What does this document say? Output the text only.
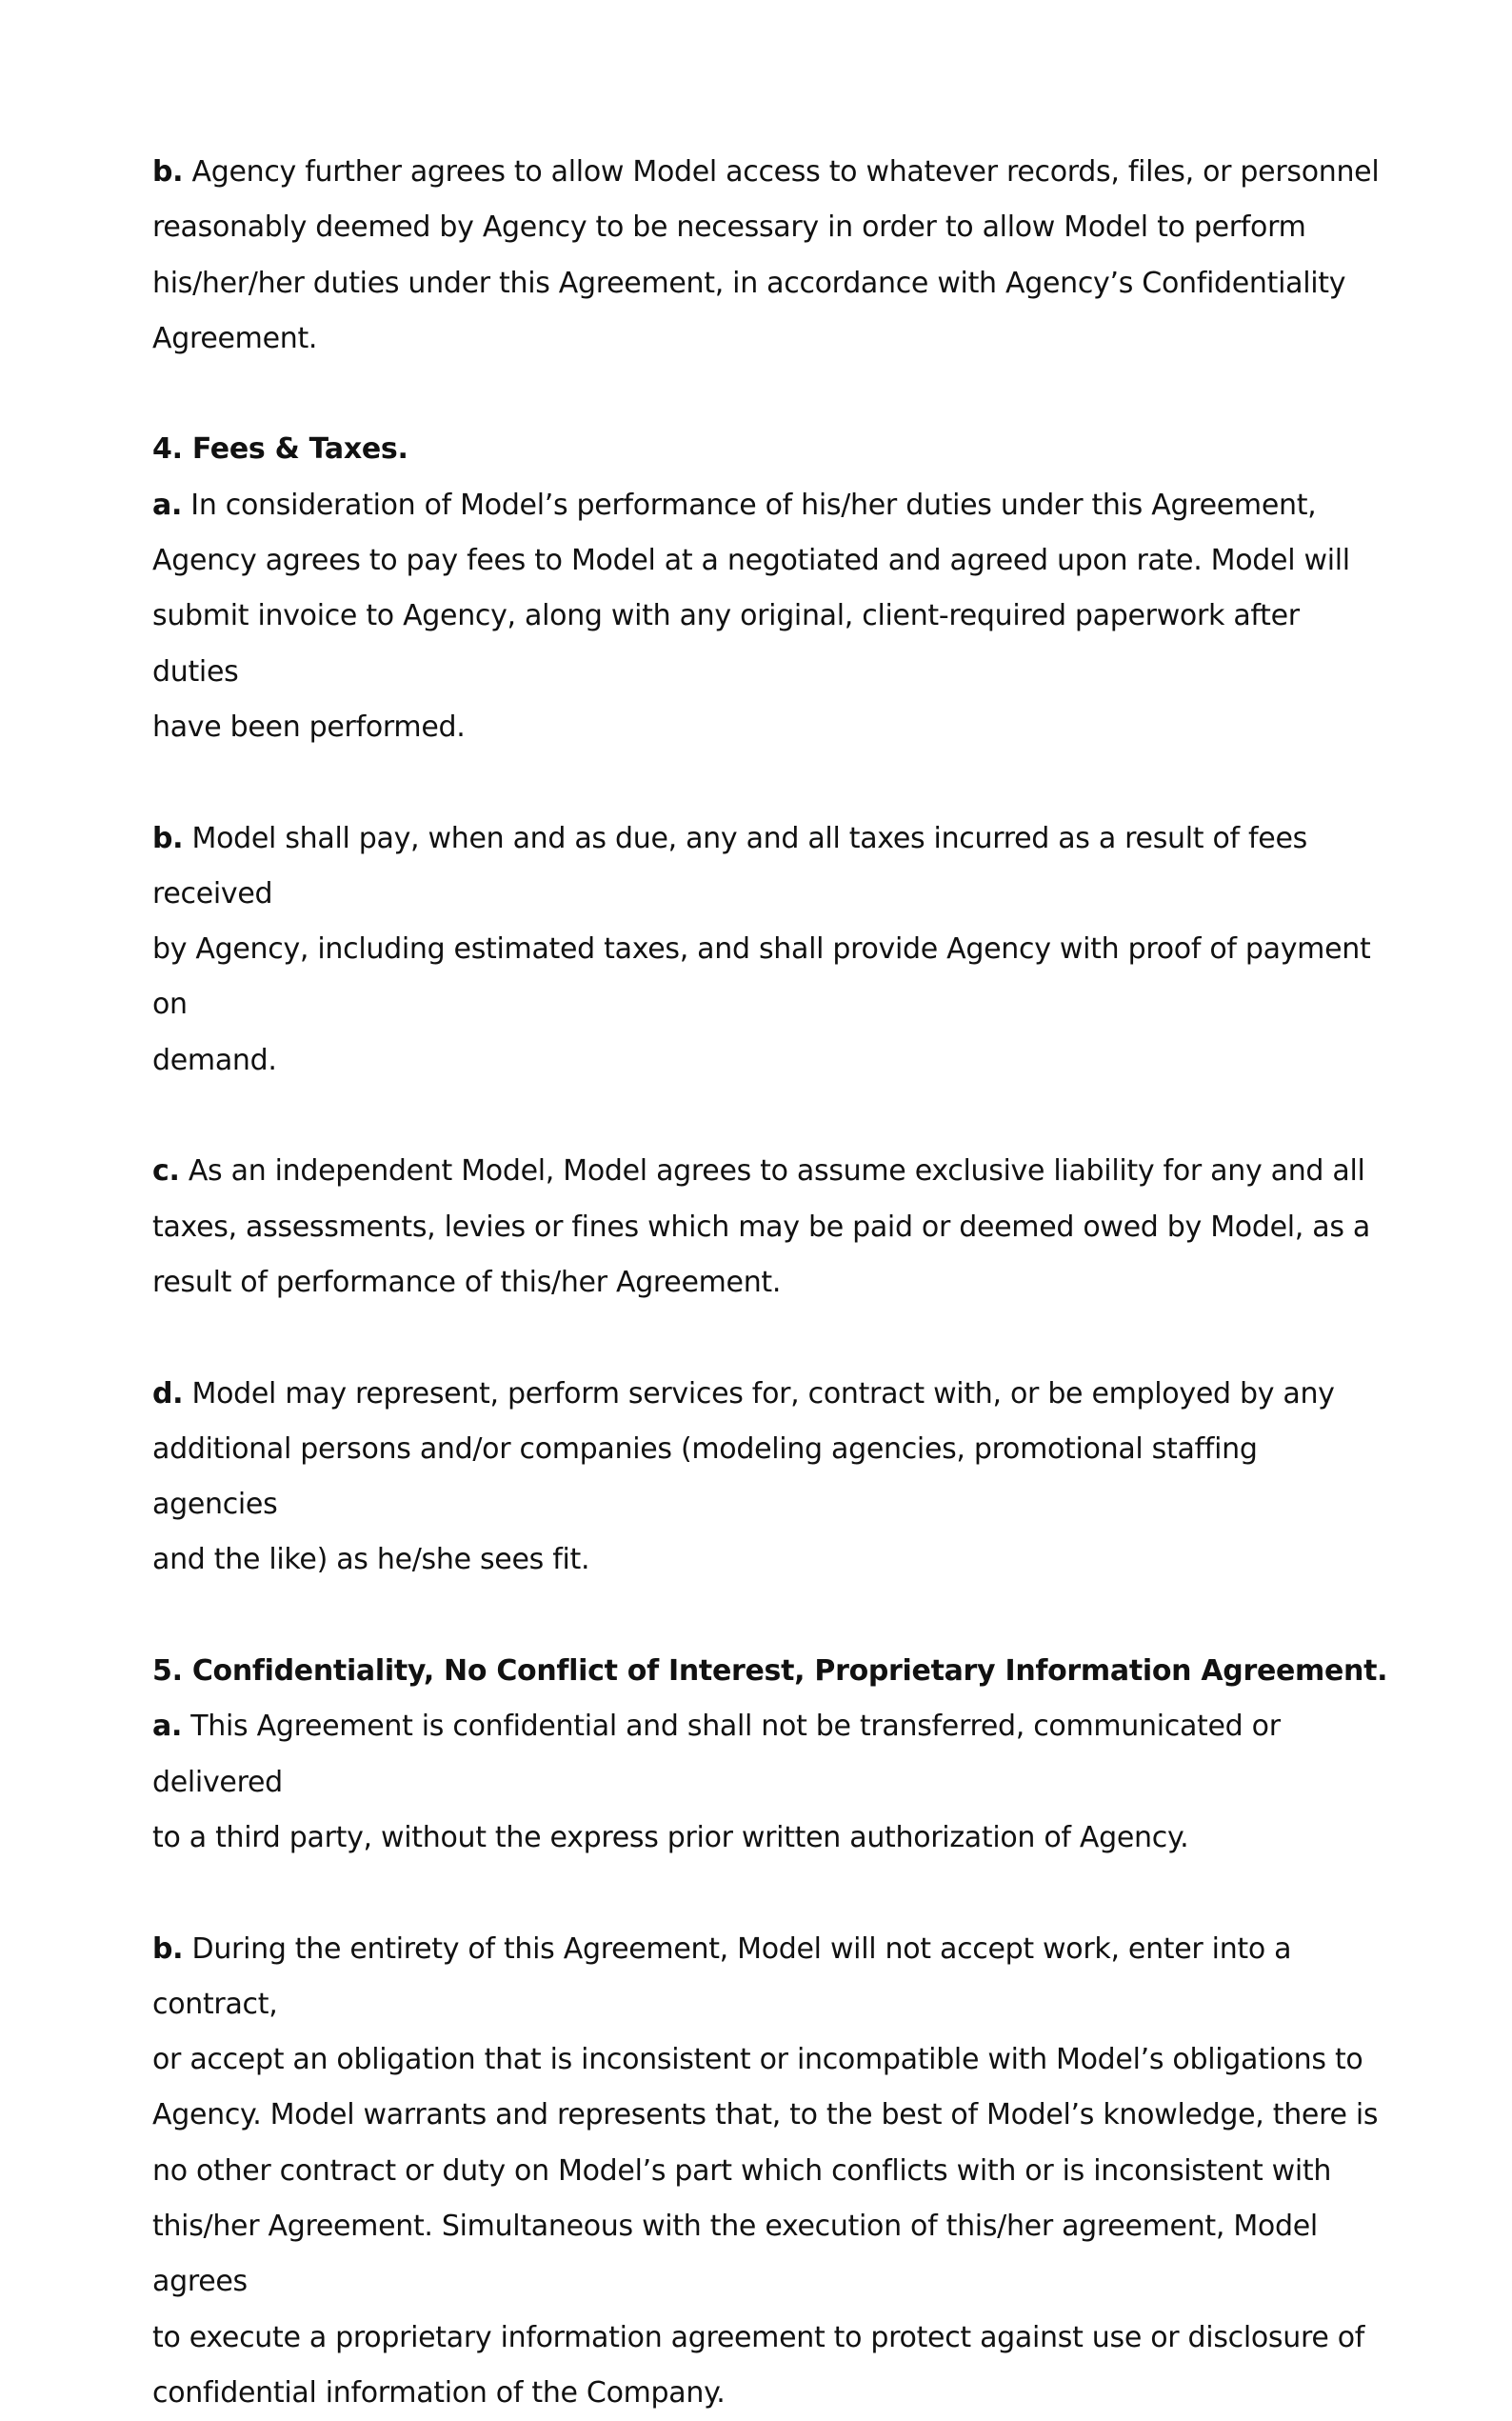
b. Agency further agrees to allow Model access to whatever records, files, or personnel
reasonably deemed by Agency to be necessary in order to allow Model to perform
his/her/her duties under this Agreement, in accordance with Agency’s Confidentiality
Agreement.

4. Fees & Taxes.

a. In consideration of Model’s performance of his/her duties under this Agreement,
Agency agrees to pay fees to Model at a negotiated and agreed upon rate. Model will
submit invoice to Agency, along with any original, client-required paperwork after duties
have been performed.

b. Model shall pay, when and as due, any and all taxes incurred as a result of fees received
by Agency, including estimated taxes, and shall provide Agency with proof of payment on
demand.

c. As an independent Model, Model agrees to assume exclusive liability for any and all
taxes, assessments, levies or fines which may be paid or deemed owed by Model, as a
result of performance of this/her Agreement.

d. Model may represent, perform services for, contract with, or be employed by any
additional persons and/or companies (modeling agencies, promotional staffing agencies
and the like) as he/she sees fit.

5. Confidentiality, No Conflict of Interest, Proprietary Information Agreement.

a. This Agreement is confidential and shall not be transferred, communicated or delivered
to a third party, without the express prior written authorization of Agency.

b. During the entirety of this Agreement, Model will not accept work, enter into a contract,
or accept an obligation that is inconsistent or incompatible with Model’s obligations to
Agency. Model warrants and represents that, to the best of Model’s knowledge, there is
no other contract or duty on Model’s part which conflicts with or is inconsistent with
this/her Agreement. Simultaneous with the execution of this/her agreement, Model agrees
to execute a proprietary information agreement to protect against use or disclosure of
confidential information of the Company.
